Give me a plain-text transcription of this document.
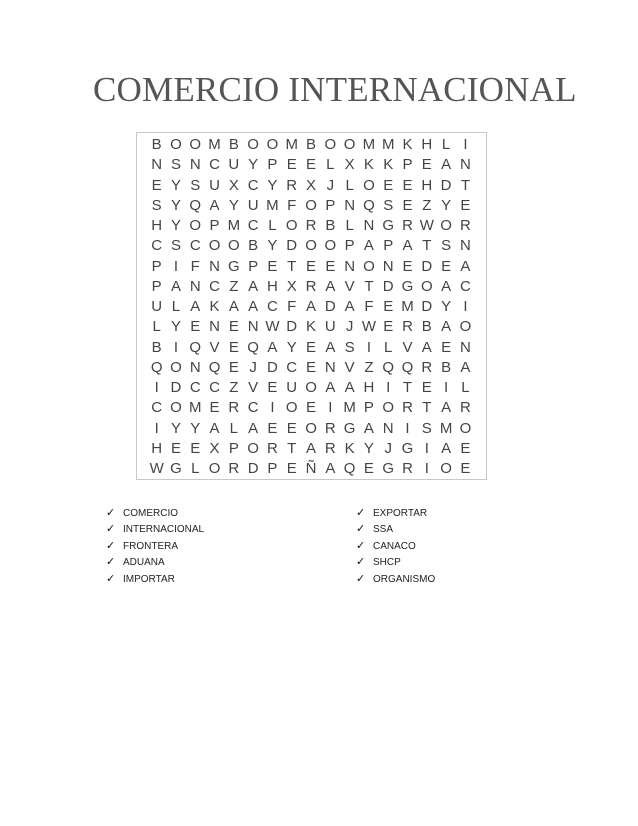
COMERCIO INTERNACIONAL
B O O M B O O M B O O M M K H L I
N S N C U Y P E E L X K K P E A N
E Y S U X C Y R X J L O E E H D T
S Y Q A Y U M F O P N Q S E Z Y E
H Y O P M C L O R B L N G R W O R
C S C O O B Y D O O P A P A T S N
P I F N G P E T E E N O N E D E A
P A N C Z A H X R A V T D G O A C
U L A K A A C F A D A F E M D Y I
L Y E N E N W D K U J W E R B A O
B I Q V E Q A Y E A S I L V A E N
Q O N Q E J D C E N V Z Q Q R B A
I D C C Z V E U O A A H I T E I L
C O M E R C I O E I M P O R T A R
I Y Y A L A E E O R G A N I S M O
H E E X P O R T A R K Y J G I A E
W G L O R D P E Ñ A Q E G R I O E
✓ COMERCIO
✓ INTERNACIONAL
✓ FRONTERA
✓ ADUANA
✓ IMPORTAR
✓ EXPORTAR
✓ SSA
✓ CANACO
✓ SHCP
✓ ORGANISMO
